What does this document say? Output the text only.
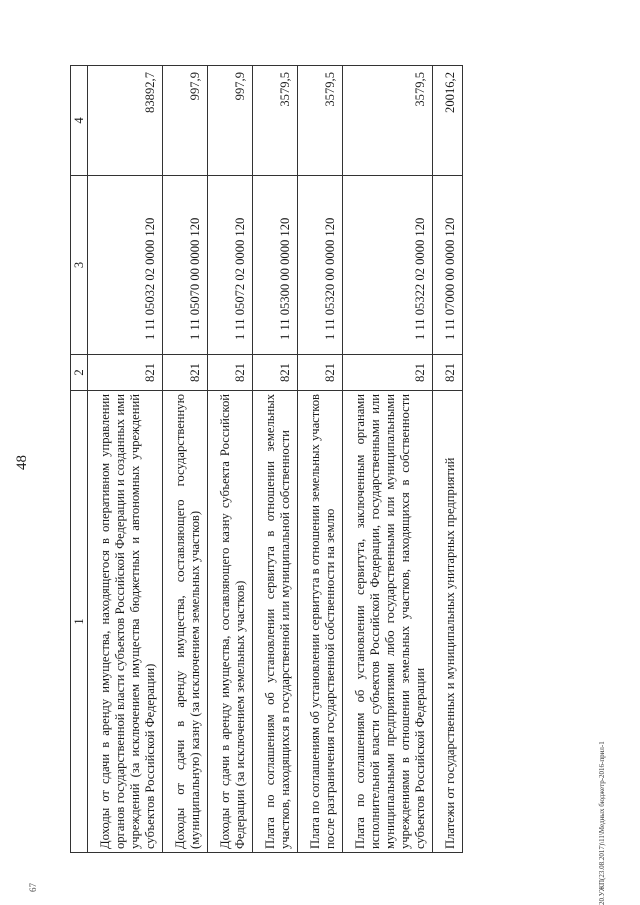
48
1	2	3	4
Доходы от сдачи в аренду имущества, находящегося в оперативном управлении органов государственной власти субъектов Российской Федерации и созданных ими учреждений (за исключением имущества бюджетных и автономных учреждений субъектов Российской Федерации)	821	1 11 05032 02 0000 120	83892,7
Доходы от сдачи в аренду имущества, составляющего государственную (муниципальную) казну (за исключением земельных участков)	821	1 11 05070 00 0000 120	997,9
Доходы от сдачи в аренду имущества, составляющего казну субъекта Российской Федерации (за исключением земельных участков)	821	1 11 05072 02 0000 120	997,9
Плата по соглашениям об установлении сервитута в отношении земельных участков, находящихся в государственной или муниципальной собственности	821	1 11 05300 00 0000 120	3579,5
Плата по соглашениям об установлении сервитута в отношении земельных участков после разграничения государственной собственности на землю	821	1 11 05320 00 0000 120	3579,5
Плата по соглашениям об установлении сервитута, заключенным органами исполнительной власти субъектов Российской Федерации, государственными или муниципальными предприятиями либо государственными или муниципальными учреждениями в отношении земельных участков, находящихся в собственности субъектов Российской Федерации	821	1 11 05322 02 0000 120	3579,5
Платежи от государственных и муниципальных унитарных предприятий	821	1 11 07000 00 0000 120	20016,2
20.УЖП(23.08.2017)\11\Медных бюджетр-2016-прил-1
67
